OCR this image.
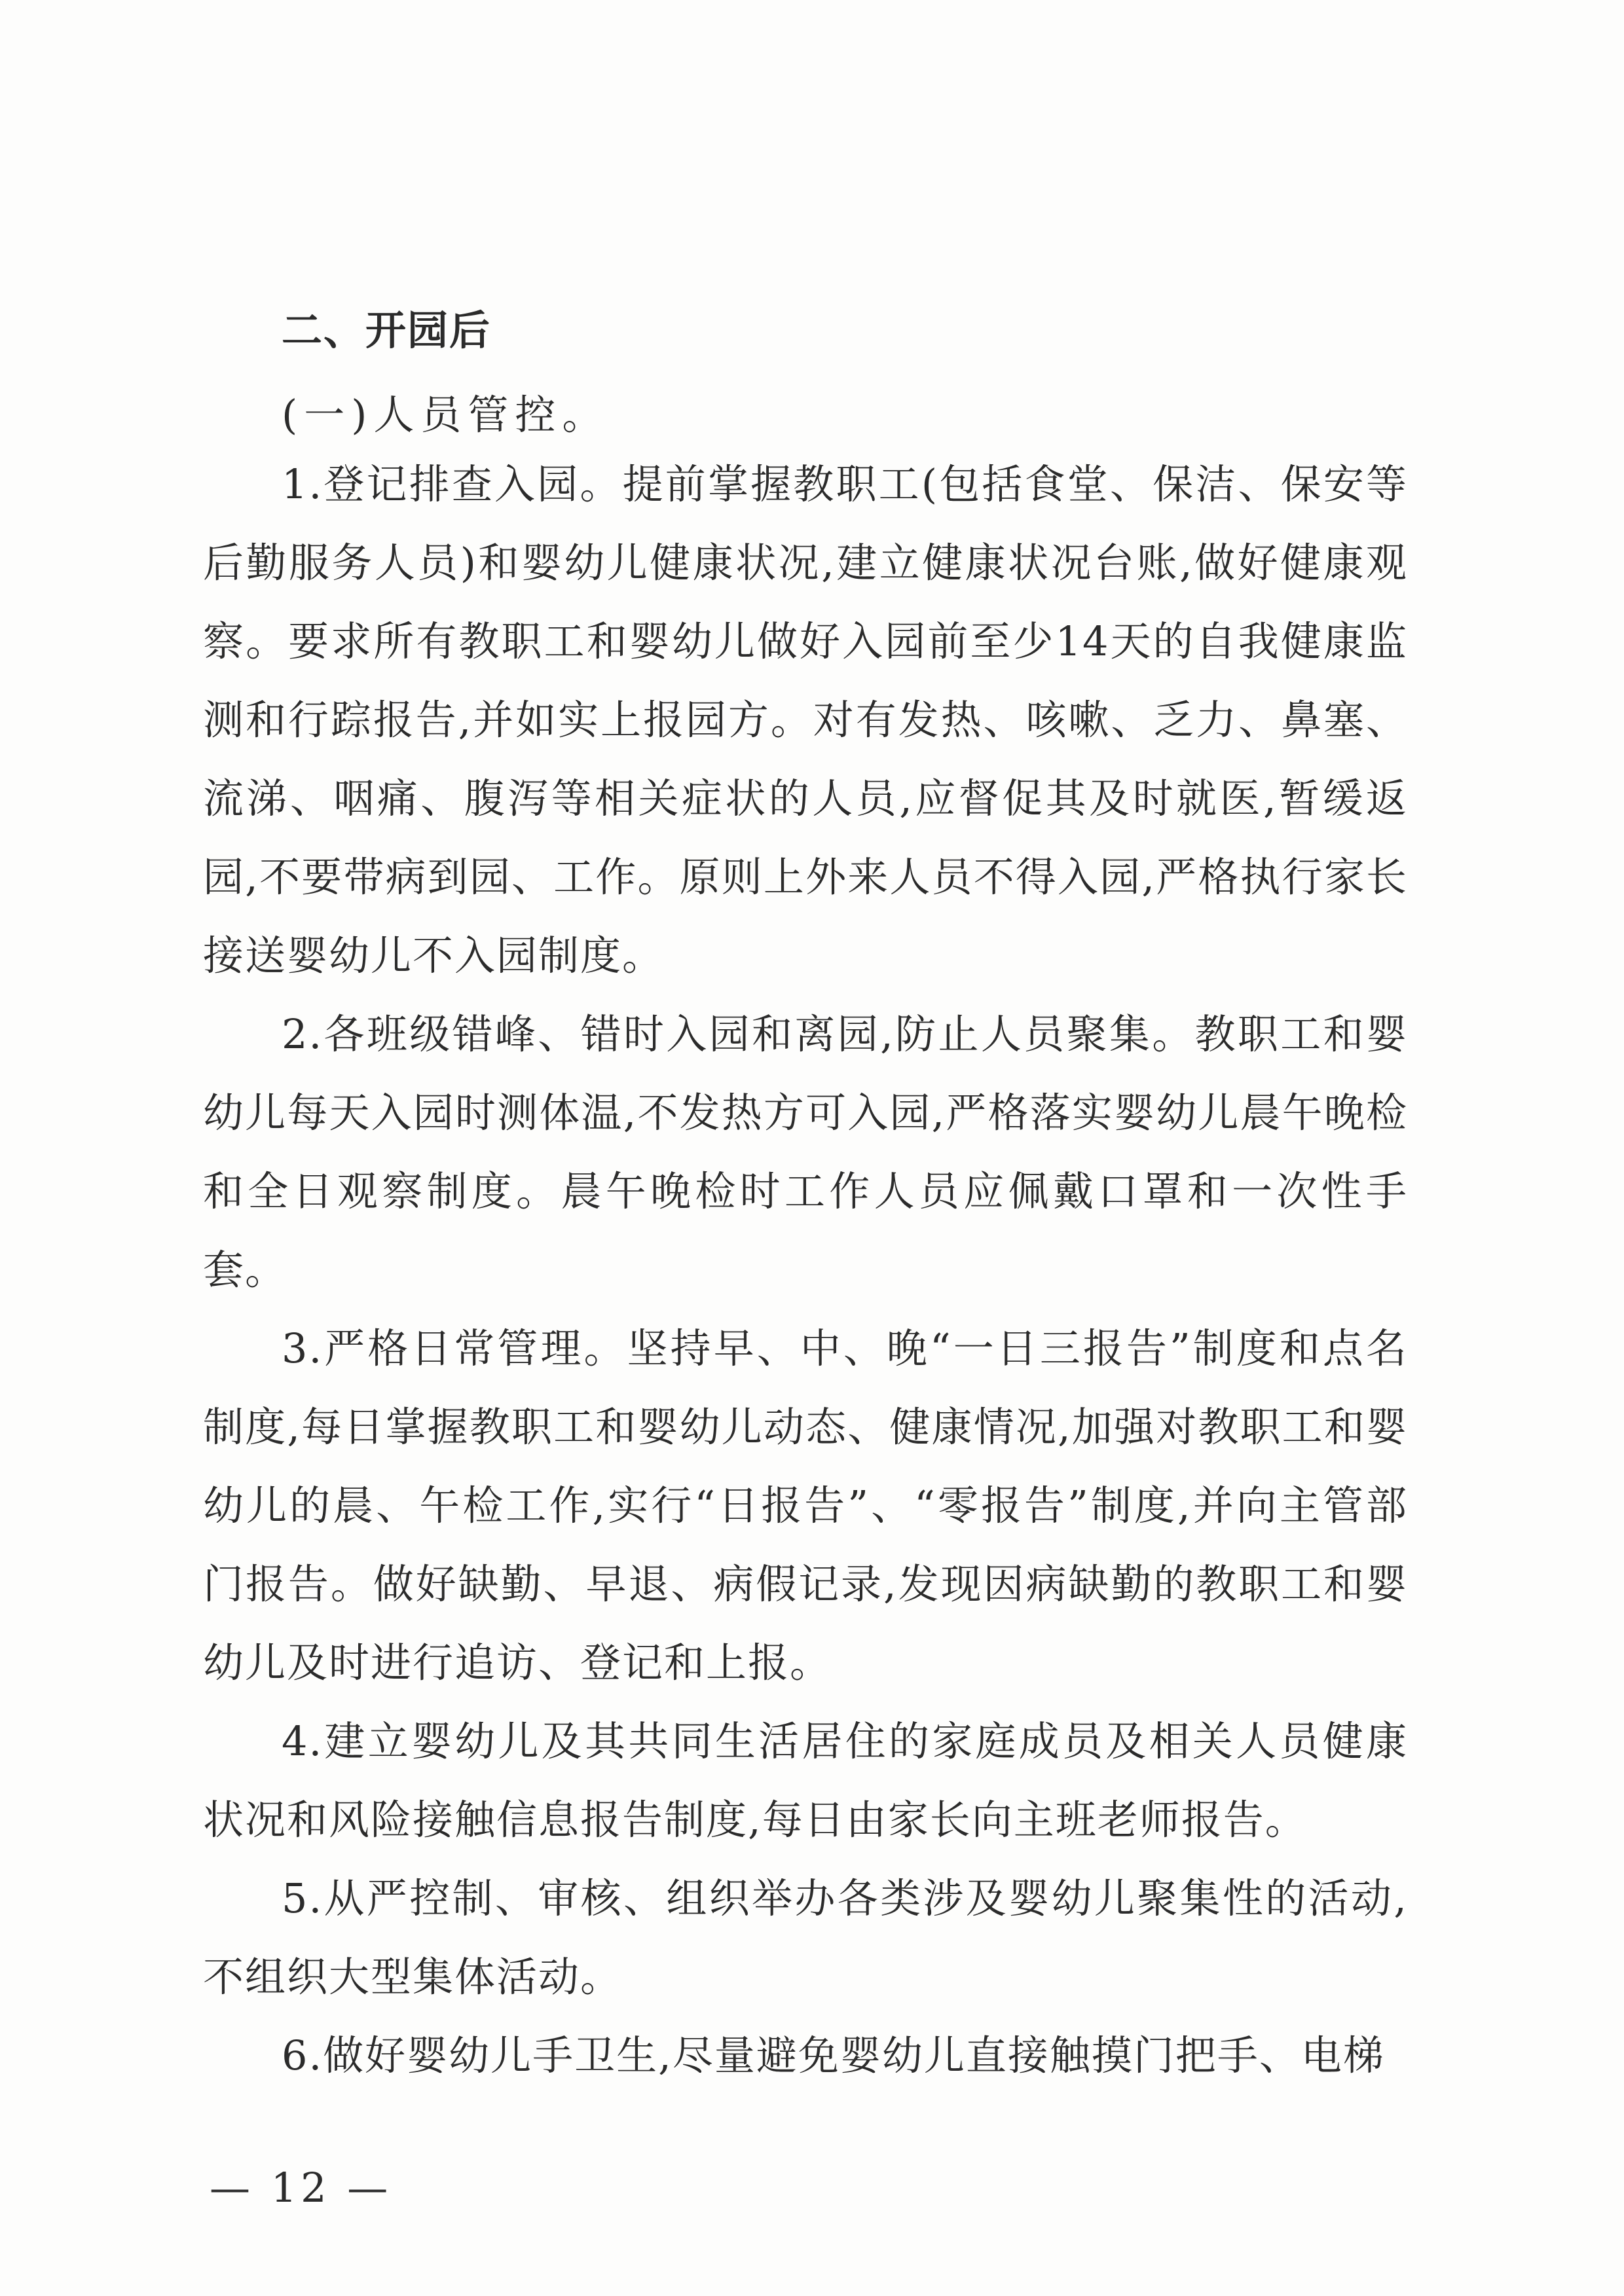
二、开园后
(一)人员管控。

1.登记排查入园。提前掌握教职工(包括食堂、保洁、保安等后勤服务人员)和婴幼儿健康状况,建立健康状况台账,做好健康观察。要求所有教职工和婴幼儿做好入园前至少14天的自我健康监测和行踪报告,并如实上报园方。对有发热、咳嗽、乏力、鼻塞、流涕、咽痛、腹泻等相关症状的人员,应督促其及时就医,暂缓返园,不要带病到园、工作。原则上外来人员不得入园,严格执行家长接送婴幼儿不入园制度。

2.各班级错峰、错时入园和离园,防止人员聚集。教职工和婴幼儿每天入园时测体温,不发热方可入园,严格落实婴幼儿晨午晚检和全日观察制度。晨午晚检时工作人员应佩戴口罩和一次性手套。

3.严格日常管理。坚持早、中、晚“一日三报告”制度和点名制度,每日掌握教职工和婴幼儿动态、健康情况,加强对教职工和婴幼儿的晨、午检工作,实行“日报告”、“零报告”制度,并向主管部门报告。做好缺勤、早退、病假记录,发现因病缺勤的教职工和婴幼儿及时进行追访、登记和上报。

4.建立婴幼儿及其共同生活居住的家庭成员及相关人员健康状况和风险接触信息报告制度,每日由家长向主班老师报告。

5.从严控制、审核、组织举办各类涉及婴幼儿聚集性的活动,不组织大型集体活动。

6.做好婴幼儿手卫生,尽量避免婴幼儿直接触摸门把手、电梯

— 12 —
